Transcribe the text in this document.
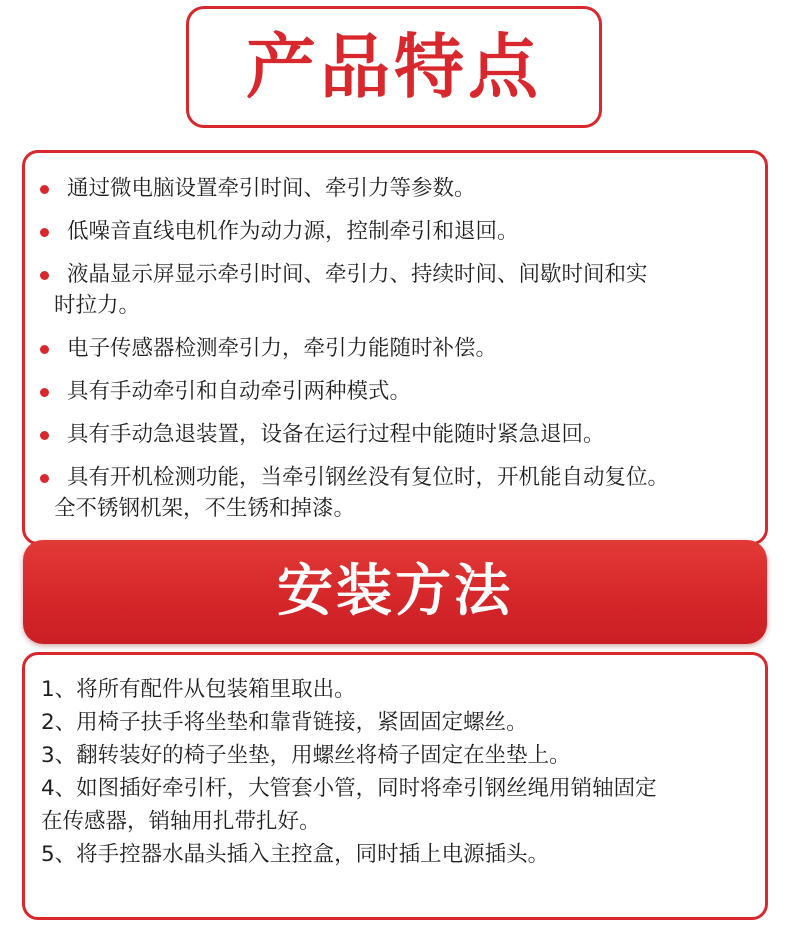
产品特点
通过微电脑设置牵引时间、牵引力等参数。
低噪音直线电机作为动力源，控制牵引和退回。
液晶显示屏显示牵引时间、牵引力、持续时间、间歇时间和实
时拉力。
电子传感器检测牵引力，牵引力能随时补偿。
具有手动牵引和自动牵引两种模式。
具有手动急退装置，设备在运行过程中能随时紧急退回。
具有开机检测功能，当牵引钢丝没有复位时，开机能自动复位。
全不锈钢机架，不生锈和掉漆。
安装方法
1、将所有配件从包装箱里取出。
2、用椅子扶手将坐垫和靠背链接，紧固固定螺丝。
3、翻转装好的椅子坐垫，用螺丝将椅子固定在坐垫上。
4、如图插好牵引杆，大管套小管，同时将牵引钢丝绳用销轴固定
在传感器，销轴用扎带扎好。
5、将手控器水晶头插入主控盒，同时插上电源插头。
